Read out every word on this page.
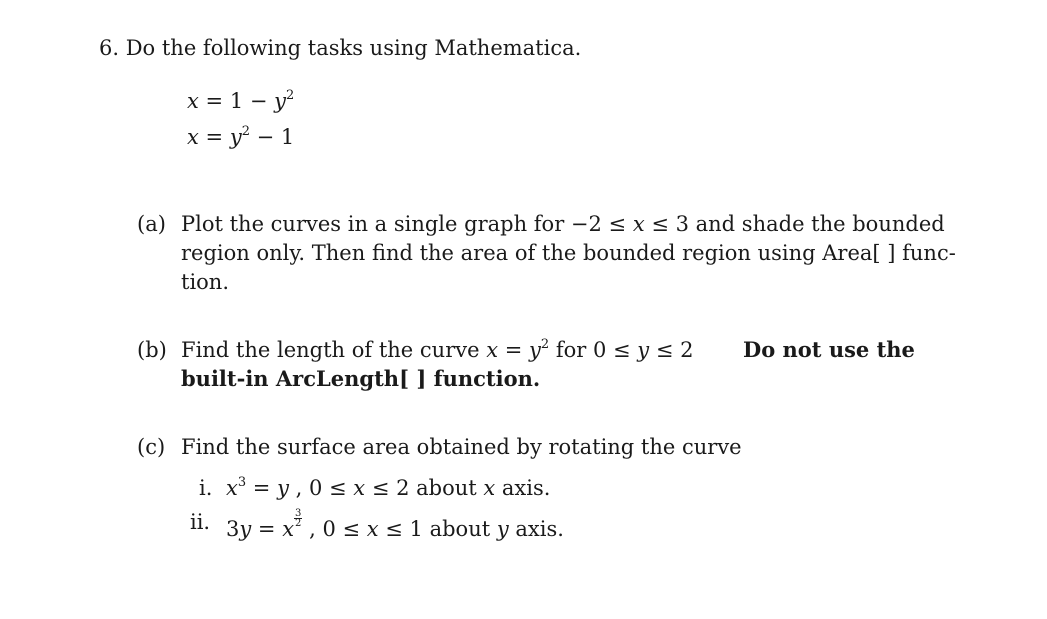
6. Do the following tasks using Mathematica.
$x = 1 - y^2$
$x = y^2 - 1$
(a) Plot the curves in a single graph for −2 ≤ x ≤ 3 and shade the bounded
region only. Then find the area of the bounded region using Area[ ] func-
tion.
(b) Find the length of the curve $x = y^2$ for 0 ≤ y ≤ 2 Do not use the
built-in ArcLength[ ] function.
(c) Find the surface area obtained by rotating the curve
i. $x^3 = y$ , 0 ≤ x ≤ 2 about x axis.
ii. 3y = x $\frac{3}{2}$ , 0 ≤ x ≤ 1 about y axis.
